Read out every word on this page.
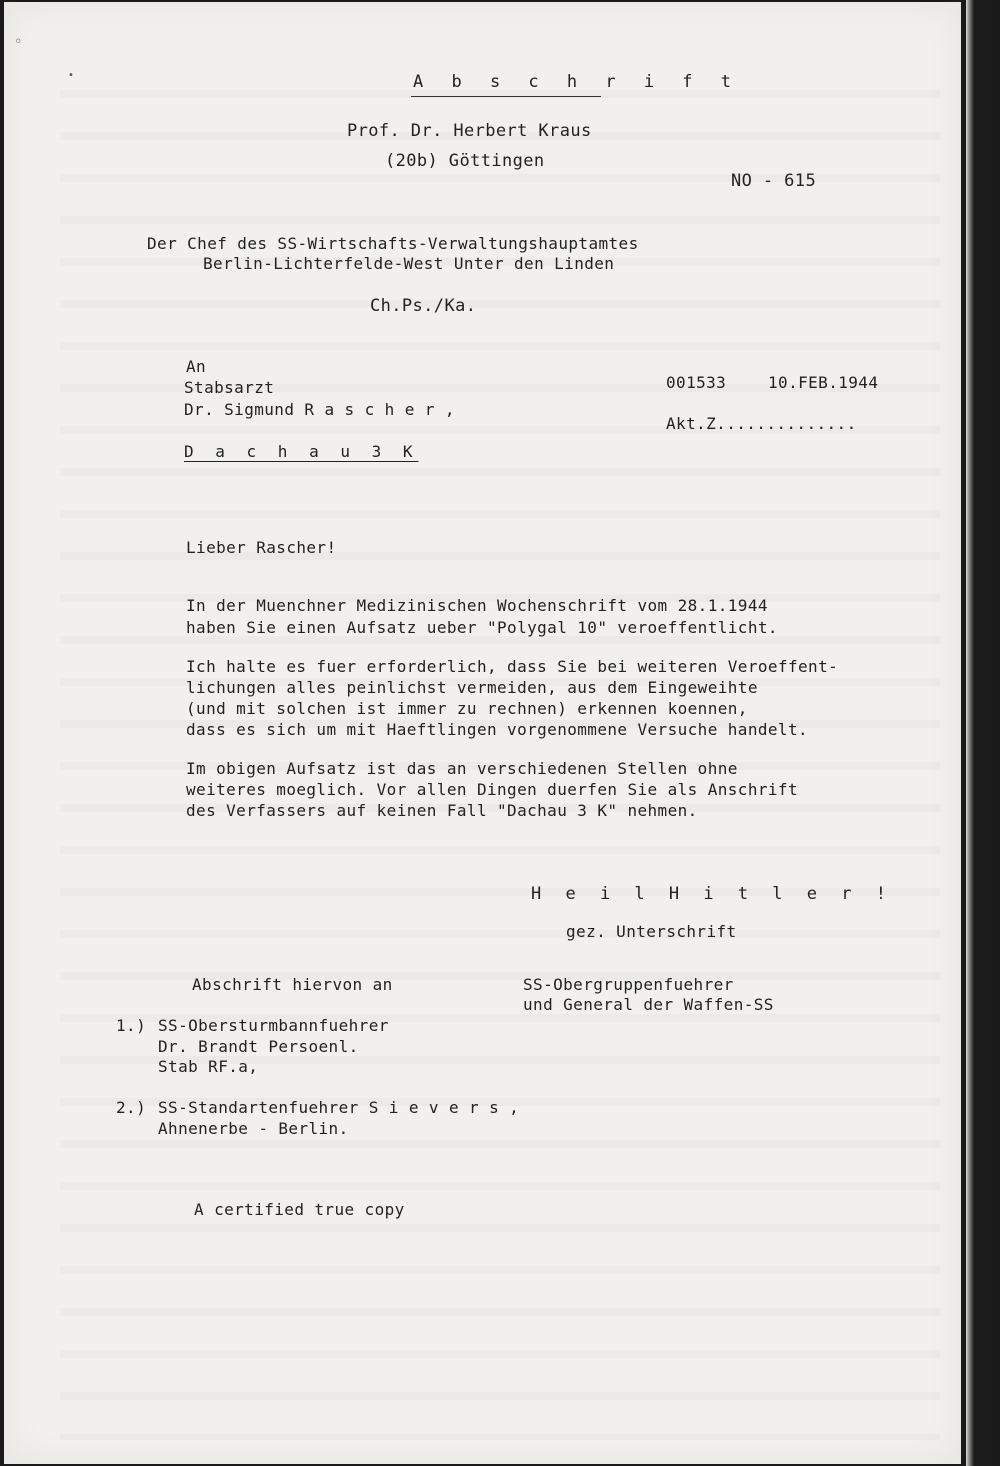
◦
•	A b s c h r i f t
Prof. Dr. Herbert Kraus
(20b) Göttingen
NO - 615
Der Chef des SS-Wirtschafts-Verwaltungshauptamtes
Berlin-Lichterfelde-West Unter den Linden
Ch.Ps./Ka.
An
Stabsarzt
Dr. Sigmund R a s c h e r ,
D a c h a u 3 K
001533	10.FEB.1944
Akt.Z..............
Lieber Rascher!
In der Muenchner Medizinischen Wochenschrift vom 28.1.1944
haben Sie einen Aufsatz ueber "Polygal 10" veroeffentlicht.
Ich halte es fuer erforderlich, dass Sie bei weiteren Veroeffent-
lichungen alles peinlichst vermeiden, aus dem Eingeweihte
(und mit solchen ist immer zu rechnen) erkennen koennen,
dass es sich um mit Haeftlingen vorgenommene Versuche handelt.
Im obigen Aufsatz ist das an verschiedenen Stellen ohne
weiteres moeglich. Vor allen Dingen duerfen Sie als Anschrift
des Verfassers auf keinen Fall "Dachau 3 K" nehmen.
H e i l H i t l e r !
gez. Unterschrift
Abschrift hiervon an	SS-Obergruppenfuehrer
und General der Waffen-SS
1.) SS-Obersturmbannfuehrer
Dr. Brandt Persoenl.
Stab RF.a,
2.) SS-Standartenfuehrer S i e v e r s ,
Ahnenerbe - Berlin.
A certified true copy
